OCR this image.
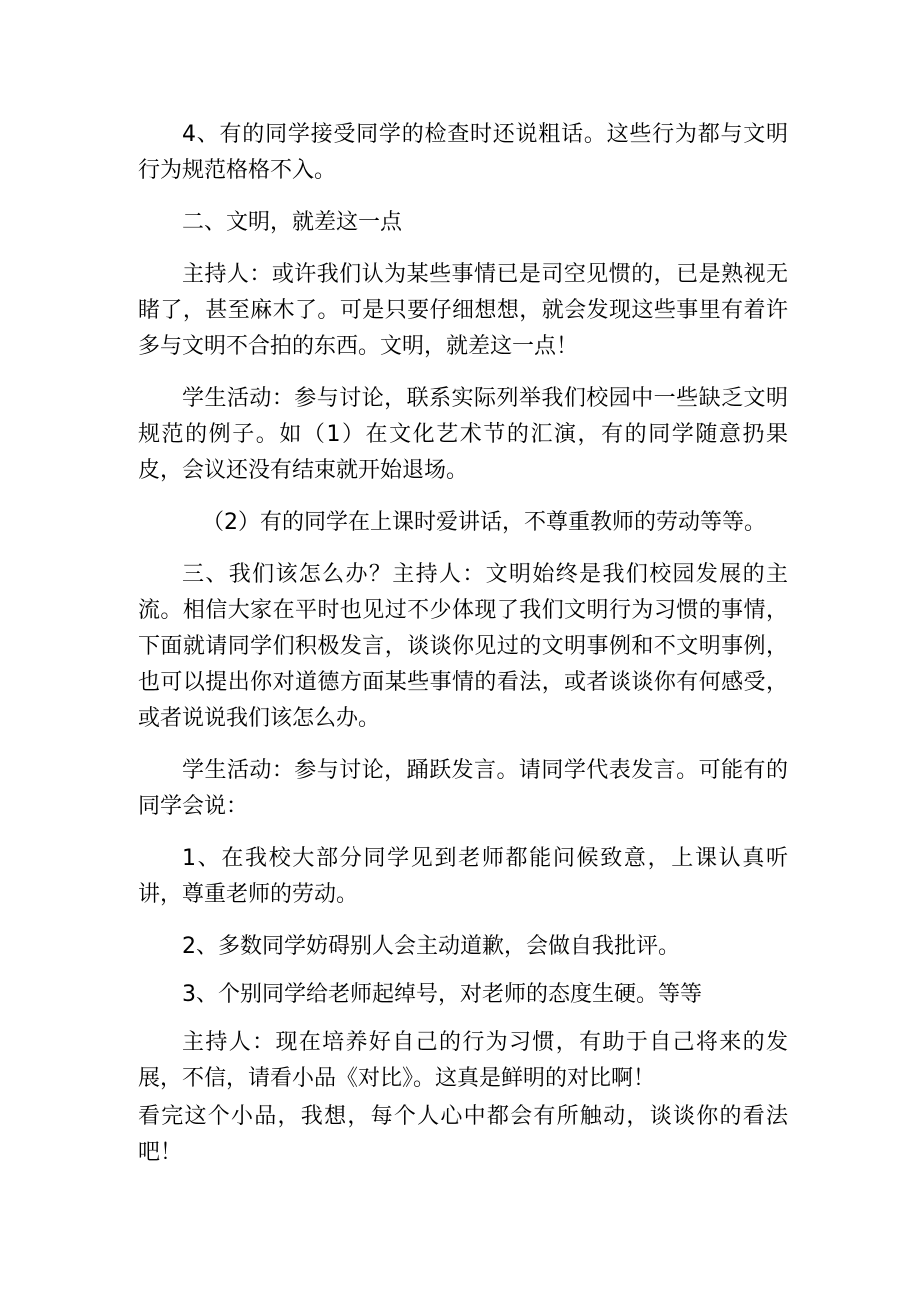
4、有的同学接受同学的检查时还说粗话。这些行为都与文明行为规范格格不入。

二、文明，就差这一点

主持人：或许我们认为某些事情已是司空见惯的，已是熟视无睹了，甚至麻木了。可是只要仔细想想，就会发现这些事里有着许多与文明不合拍的东西。文明，就差这一点！

学生活动：参与讨论，联系实际列举我们校园中一些缺乏文明规范的例子。如（1）在文化艺术节的汇演，有的同学随意扔果皮，会议还没有结束就开始退场。

（2）有的同学在上课时爱讲话，不尊重教师的劳动等等。

三、我们该怎么办？主持人：文明始终是我们校园发展的主流。相信大家在平时也见过不少体现了我们文明行为习惯的事情，下面就请同学们积极发言，谈谈你见过的文明事例和不文明事例，也可以提出你对道德方面某些事情的看法，或者谈谈你有何感受，或者说说我们该怎么办。

学生活动：参与讨论，踊跃发言。请同学代表发言。可能有的同学会说：

1、在我校大部分同学见到老师都能问候致意，上课认真听讲，尊重老师的劳动。

2、多数同学妨碍别人会主动道歉，会做自我批评。

3、个别同学给老师起绰号，对老师的态度生硬。等等

主持人：现在培养好自己的行为习惯，有助于自己将来的发展，不信，请看小品《对比》。这真是鲜明的对比啊！

看完这个小品，我想，每个人心中都会有所触动，谈谈你的看法吧！
